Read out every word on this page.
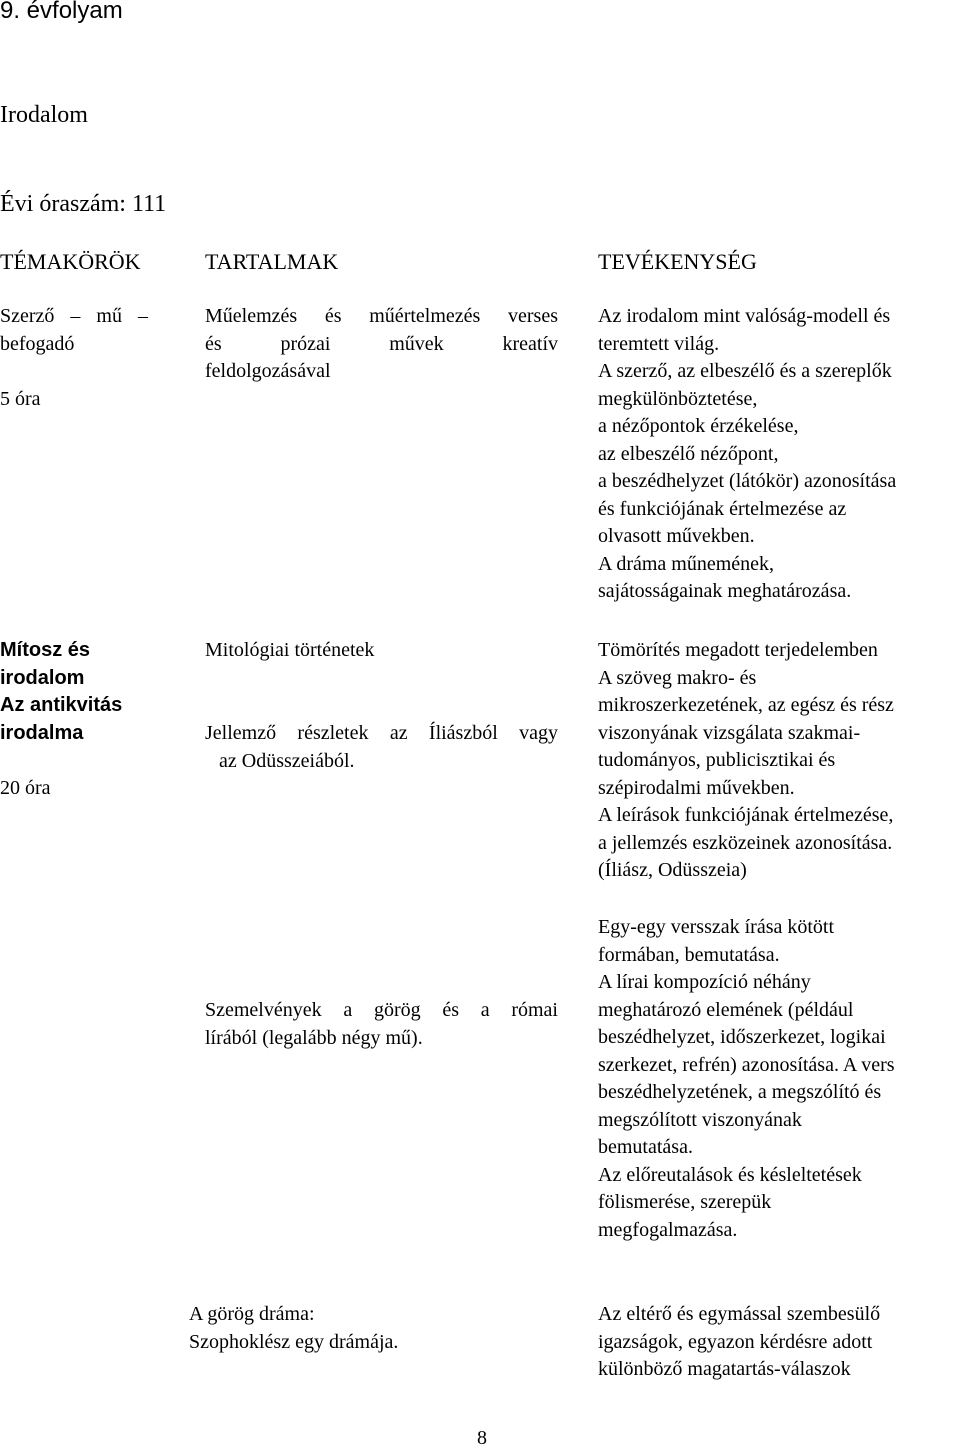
9. évfolyam
Irodalom
Évi óraszám: 111
TÉMAKÖRÖK	TARTALMAK	TEVÉKENYSÉG
Szerző – mű –
befogadó
5 óra
Műelemzés és műértelmezés verses
és prózai művek kreatív
feldolgozásával
Az irodalom mint valóság-modell és
teremtett világ.
A szerző, az elbeszélő és a szereplők
megkülönböztetése,
a nézőpontok érzékelése,
az elbeszélő nézőpont,
a beszédhelyzet (látókör) azonosítása
és funkciójának értelmezése az
olvasott művekben.
A dráma műnemének,
sajátosságainak meghatározása.
Mítosz és
irodalom
Az antikvitás
irodalma
20 óra
Mitológiai történetek
Jellemző részletek az Íliászból vagy
az Odüsszeiából.
Tömörítés megadott terjedelemben
A szöveg makro- és
mikroszerkezetének, az egész és rész
viszonyának vizsgálata szakmai-
tudományos, publicisztikai és
szépirodalmi művekben.
A leírások funkciójának értelmezése,
a jellemzés eszközeinek azonosítása.
(Íliász, Odüsszeia)
Szemelvények a görög és a római
lírából (legalább négy mű).
Egy-egy versszak írása kötött
formában, bemutatása.
A lírai kompozíció néhány
meghatározó elemének (például
beszédhelyzet, időszerkezet, logikai
szerkezet, refrén) azonosítása. A vers
beszédhelyzetének, a megszólító és
megszólított viszonyának
bemutatása.
Az előreutalások és késleltetések
fölismerése, szerepük
megfogalmazása.
A görög dráma:
Szophoklész egy drámája.
Az eltérő és egymással szembesülő
igazságok, egyazon kérdésre adott
különböző magatartás-válaszok
8
